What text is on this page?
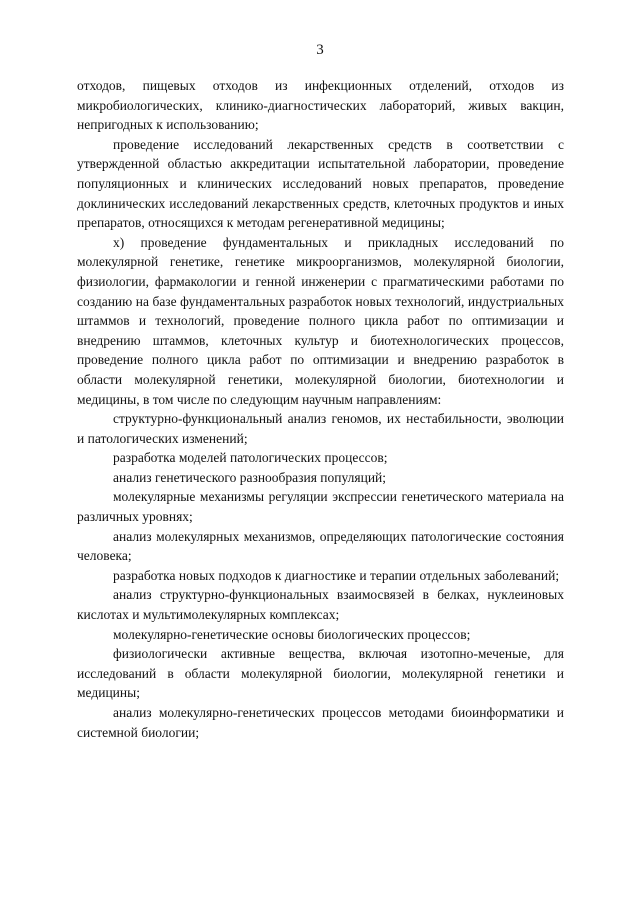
3

отходов, пищевых отходов из инфекционных отделений, отходов из микробиологических, клинико-диагностических лабораторий, живых вакцин, непригодных к использованию;

проведение исследований лекарственных средств в соответствии с утвержденной областью аккредитации испытательной лаборатории, проведение популяционных и клинических исследований новых препаратов, проведение доклинических исследований лекарственных средств, клеточных продуктов и иных препаратов, относящихся к методам регенеративной медицины;

х) проведение фундаментальных и прикладных исследований по молекулярной генетике, генетике микроорганизмов, молекулярной биологии, физиологии, фармакологии и генной инженерии с прагматическими работами по созданию на базе фундаментальных разработок новых технологий, индустриальных штаммов и технологий, проведение полного цикла работ по оптимизации и внедрению штаммов, клеточных культур и биотехнологических процессов, проведение полного цикла работ по оптимизации и внедрению разработок в области молекулярной генетики, молекулярной биологии, биотехнологии и медицины, в том числе по следующим научным направлениям:

структурно-функциональный анализ геномов, их нестабильности, эволюции и патологических изменений;

разработка моделей патологических процессов;

анализ генетического разнообразия популяций;

молекулярные механизмы регуляции экспрессии генетического материала на различных уровнях;

анализ молекулярных механизмов, определяющих патологические состояния человека;

разработка новых подходов к диагностике и терапии отдельных заболеваний;

анализ структурно-функциональных взаимосвязей в белках, нуклеиновых кислотах и мультимолекулярных комплексах;

молекулярно-генетические основы биологических процессов;

физиологически активные вещества, включая изотопно-меченые, для исследований в области молекулярной биологии, молекулярной генетики и медицины;

анализ молекулярно-генетических процессов методами биоинформатики и системной биологии;
